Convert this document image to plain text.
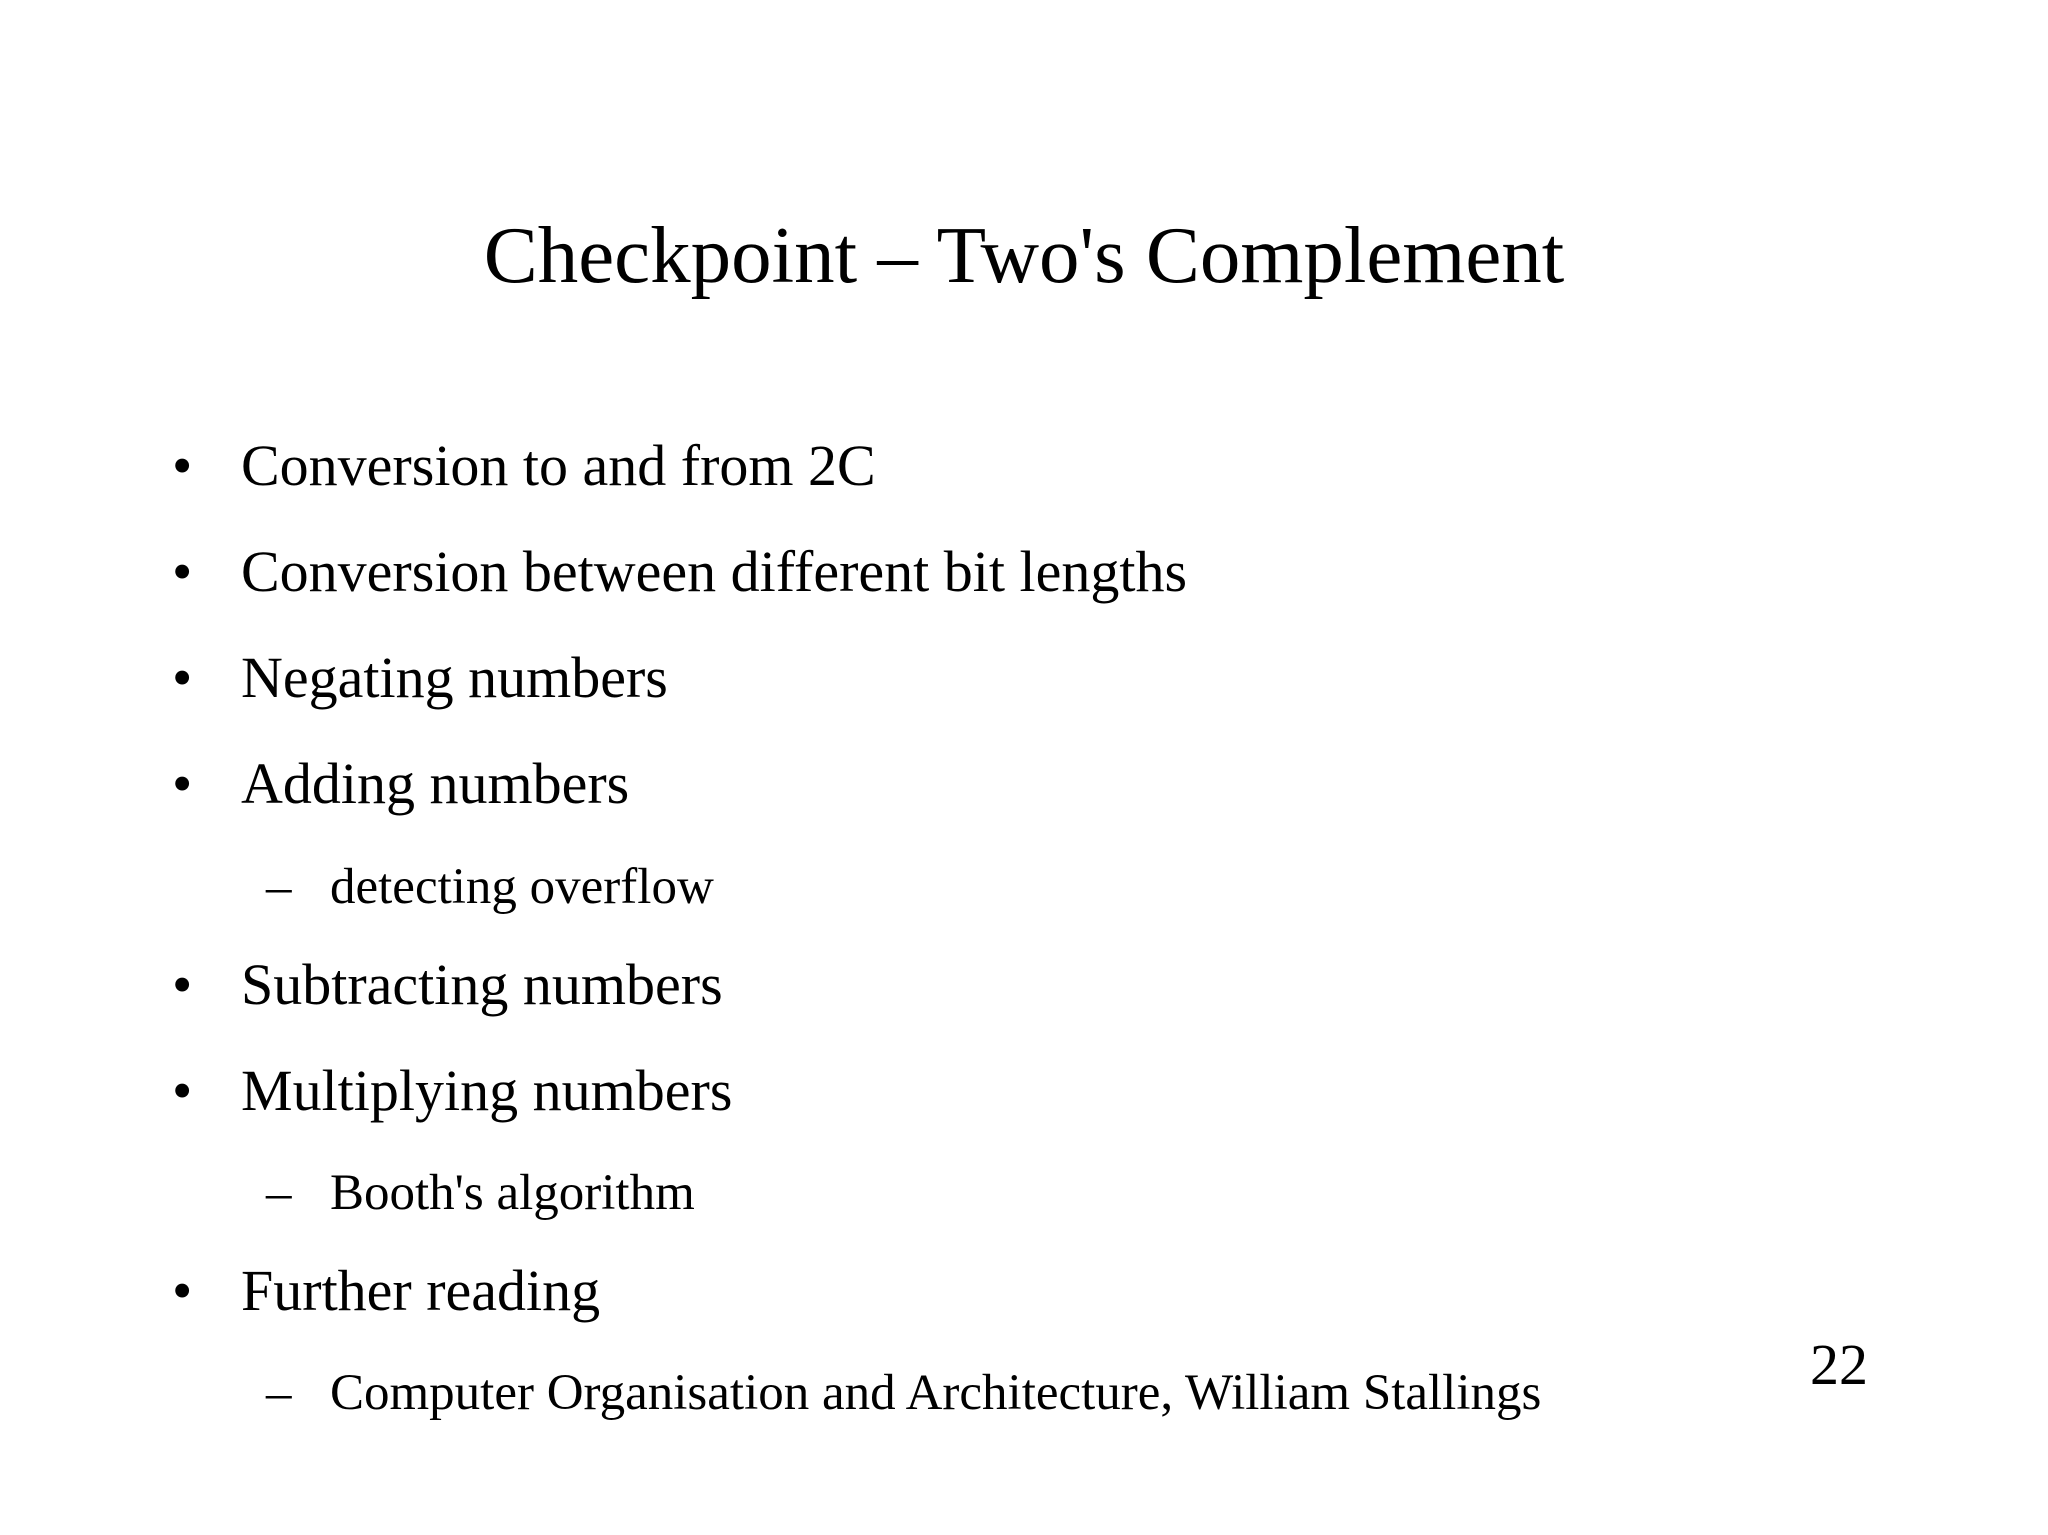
Checkpoint – Two's Complement
• Conversion to and from 2C
• Conversion between different bit lengths
• Negating numbers
• Adding numbers
– detecting overflow
• Subtracting numbers
• Multiplying numbers
– Booth's algorithm
• Further reading
– Computer Organisation and Architecture, William Stallings	22
